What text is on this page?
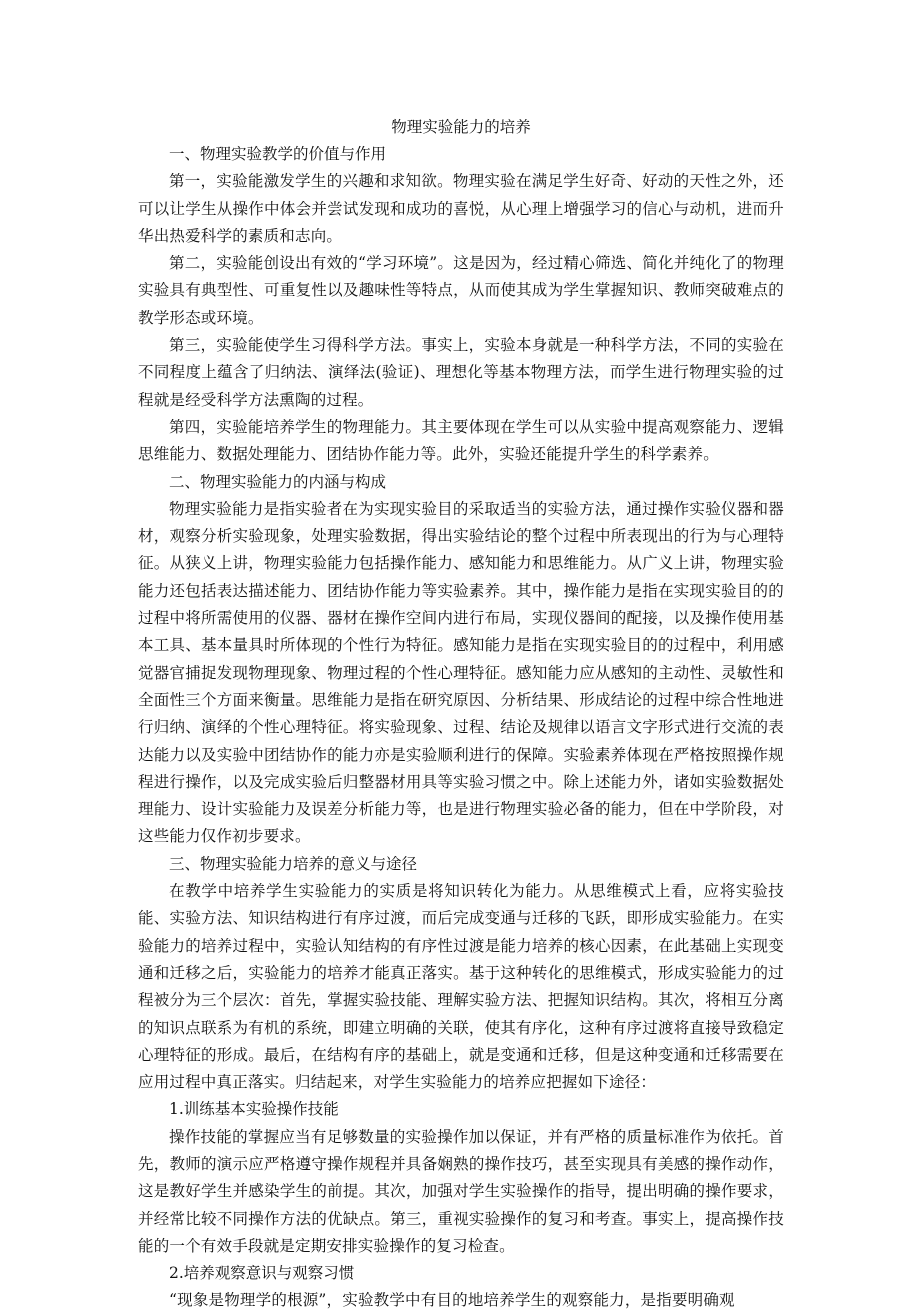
物理实验能力的培养
一、物理实验教学的价值与作用

第一，实验能激发学生的兴趣和求知欲。物理实验在满足学生好奇、好动的天性之外，还可以让学生从操作中体会并尝试发现和成功的喜悦，从心理上增强学习的信心与动机，进而升华出热爱科学的素质和志向。

第二，实验能创设出有效的“学习环境”。这是因为，经过精心筛选、简化并纯化了的物理实验具有典型性、可重复性以及趣味性等特点，从而使其成为学生掌握知识、教师突破难点的教学形态或环境。

第三，实验能使学生习得科学方法。事实上，实验本身就是一种科学方法，不同的实验在不同程度上蕴含了归纳法、演绎法(验证)、理想化等基本物理方法，而学生进行物理实验的过程就是经受科学方法熏陶的过程。

第四，实验能培养学生的物理能力。其主要体现在学生可以从实验中提高观察能力、逻辑思维能力、数据处理能力、团结协作能力等。此外，实验还能提升学生的科学素养。

二、物理实验能力的内涵与构成

物理实验能力是指实验者在为实现实验目的采取适当的实验方法，通过操作实验仪器和器材，观察分析实验现象，处理实验数据，得出实验结论的整个过程中所表现出的行为与心理特征。从狭义上讲，物理实验能力包括操作能力、感知能力和思维能力。从广义上讲，物理实验能力还包括表达描述能力、团结协作能力等实验素养。其中，操作能力是指在实现实验目的的过程中将所需使用的仪器、器材在操作空间内进行布局，实现仪器间的配接，以及操作使用基本工具、基本量具时所体现的个性行为特征。感知能力是指在实现实验目的的过程中，利用感觉器官捕捉发现物理现象、物理过程的个性心理特征。感知能力应从感知的主动性、灵敏性和全面性三个方面来衡量。思维能力是指在研究原因、分析结果、形成结论的过程中综合性地进行归纳、演绎的个性心理特征。将实验现象、过程、结论及规律以语言文字形式进行交流的表达能力以及实验中团结协作的能力亦是实验顺利进行的保障。实验素养体现在严格按照操作规程进行操作，以及完成实验后归整器材用具等实验习惯之中。除上述能力外，诸如实验数据处理能力、设计实验能力及误差分析能力等，也是进行物理实验必备的能力，但在中学阶段，对这些能力仅作初步要求。

三、物理实验能力培养的意义与途径

在教学中培养学生实验能力的实质是将知识转化为能力。从思维模式上看，应将实验技能、实验方法、知识结构进行有序过渡，而后完成变通与迁移的飞跃，即形成实验能力。在实验能力的培养过程中，实验认知结构的有序性过渡是能力培养的核心因素，在此基础上实现变通和迁移之后，实验能力的培养才能真正落实。基于这种转化的思维模式，形成实验能力的过程被分为三个层次：首先，掌握实验技能、理解实验方法、把握知识结构。其次，将相互分离的知识点联系为有机的系统，即建立明确的关联，使其有序化，这种有序过渡将直接导致稳定心理特征的形成。最后，在结构有序的基础上，就是变通和迁移，但是这种变通和迁移需要在应用过程中真正落实。归结起来，对学生实验能力的培养应把握如下途径：

1.训练基本实验操作技能

操作技能的掌握应当有足够数量的实验操作加以保证，并有严格的质量标准作为依托。首先，教师的演示应严格遵守操作规程并具备娴熟的操作技巧，甚至实现具有美感的操作动作，这是教好学生并感染学生的前提。其次，加强对学生实验操作的指导，提出明确的操作要求，并经常比较不同操作方法的优缺点。第三，重视实验操作的复习和考查。事实上，提高操作技能的一个有效手段就是定期安排实验操作的复习检查。

2.培养观察意识与观察习惯

“现象是物理学的根源”，实验教学中有目的地培养学生的观察能力，是指要明确观
